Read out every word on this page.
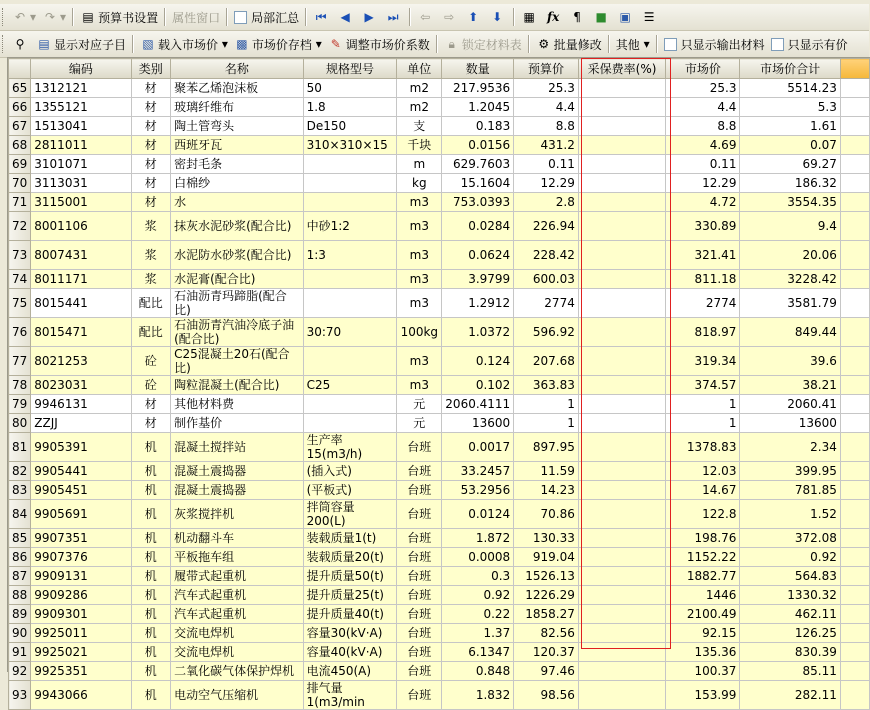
↶ ▾ ↷ ▾ ▤ 预算书设置 属性窗口	局部汇总 ⏮ ◀ ▶ ⏭ ⇦ ⇨ ⬆ ⬇ ▦ fx	¶	■ ▣ ☰
⚲	▤ 显示对应子目 ▧ 载入市场价 ▾ ▩ 市场价存档 ▾ ✎ 调整市场价系数	🔒︎ 锁定材料表 ⚙ 批量修改 其他 ▾	只显示输出材料 只显示有价
	编码	类别	名称	规格型号	单位	数量	预算价	采保费率(%)	市场价	市场价合计	
65	1312121	材	聚苯乙烯泡沫板	50	m2	217.9536	25.3		25.3	5514.23	
66	1355121	材	玻璃纤维布	1.8	m2	1.2045	4.4		4.4	5.3	
67	1513041	材	陶土管弯头	De150	支	0.183	8.8		8.8	1.61	
68	2811011	材	西班牙瓦	310×310×15	千块	0.0156	431.2		4.69	0.07	
69	3101071	材	密封毛条		m	629.7603	0.11		0.11	69.27	
70	3113031	材	白棉纱		kg	15.1604	12.29		12.29	186.32	
71	3115001	材	水		m3	753.0393	2.8		4.72	3554.35	
72	8001106	浆	抹灰水泥砂浆(配合比)	中砂1:2	m3	0.0284	226.94		330.89	9.4	
73	8007431	浆	水泥防水砂浆(配合比)	1:3	m3	0.0624	228.42		321.41	20.06	
74	8011171	浆	水泥膏(配合比)		m3	3.9799	600.03		811.18	3228.42	
75	8015441	配比	石油沥青玛蹄脂(配合比)		m3	1.2912	2774		2774	3581.79	
76	8015471	配比	石油沥青汽油冷底子油(配合比)	30:70	100kg	1.0372	596.92		818.97	849.44	
77	8021253	砼	C25混凝土20石(配合比)		m3	0.124	207.68		319.34	39.6	
78	8023031	砼	陶粒混凝土(配合比)	C25	m3	0.102	363.83		374.57	38.21	
79	9946131	材	其他材料费		元	2060.4111	1		1	2060.41	
80	ZZJJ	材	制作基价		元	13600	1		1	13600	
81	9905391	机	混凝土搅拌站	生产率15(m3/h)	台班	0.0017	897.95		1378.83	2.34	
82	9905441	机	混凝土震捣器	(插入式)	台班	33.2457	11.59		12.03	399.95	
83	9905451	机	混凝土震捣器	(平板式)	台班	53.2956	14.23		14.67	781.85	
84	9905691	机	灰浆搅拌机	拌筒容量200(L)	台班	0.0124	70.86		122.8	1.52	
85	9907351	机	机动翻斗车	装载质量1(t)	台班	1.872	130.33		198.76	372.08	
86	9907376	机	平板拖车组	装载质量20(t)	台班	0.0008	919.04		1152.22	0.92	
87	9909131	机	履带式起重机	提升质量50(t)	台班	0.3	1526.13		1882.77	564.83	
88	9909286	机	汽车式起重机	提升质量25(t)	台班	0.92	1226.29		1446	1330.32	
89	9909301	机	汽车式起重机	提升质量40(t)	台班	0.22	1858.27		2100.49	462.11	
90	9925011	机	交流电焊机	容量30(kV·A)	台班	1.37	82.56		92.15	126.25	
91	9925021	机	交流电焊机	容量40(kV·A)	台班	6.1347	120.37		135.36	830.39	
92	9925351	机	二氧化碳气体保护焊机	电流450(A)	台班	0.848	97.46		100.37	85.11	
93	9943066	机	电动空气压缩机	排气量1(m3/min	台班	1.832	98.56		153.99	282.11	
